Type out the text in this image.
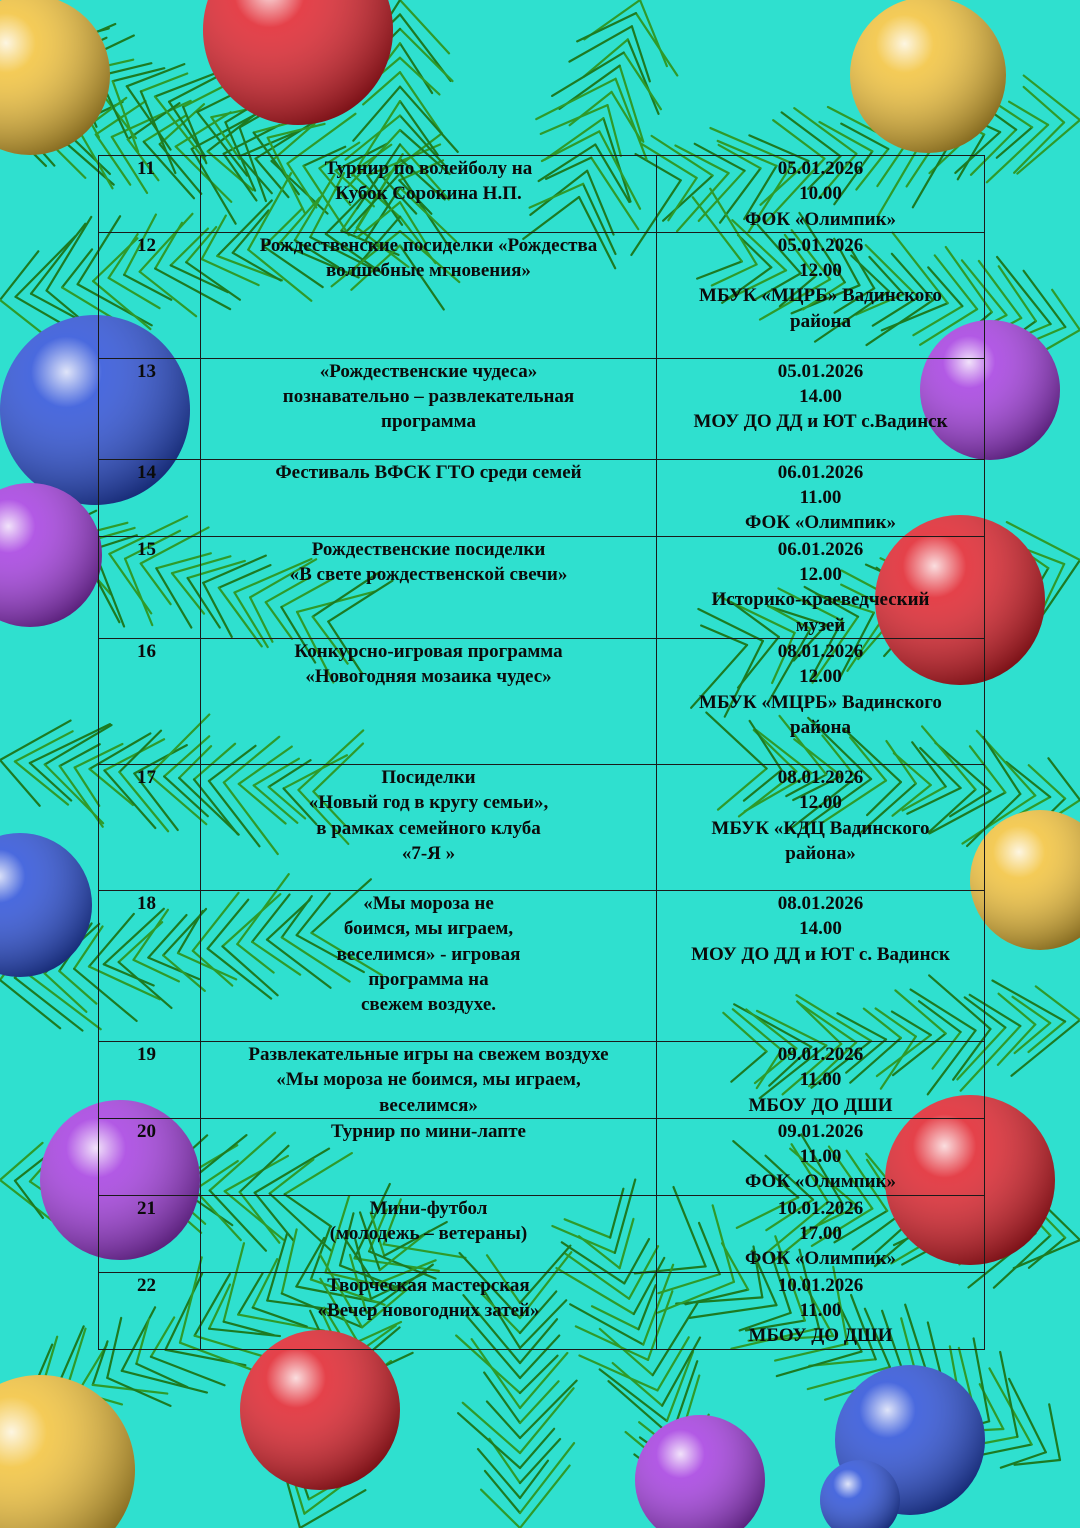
11	Турнир по волейболу на
Кубок Сорокина Н.П.	05.01.2026
10.00
ФОК «Олимпик»

12	Рождественские посиделки «Рождества
волшебные мгновения»	05.01.2026
12.00
МБУК «МЦРБ» Вадинского
района

13	«Рождественские чудеса»
познавательно – развлекательная
программа	05.01.2026
14.00
МОУ ДО ДД и ЮТ с.Вадинск

14	Фестиваль ВФСК ГТО среди семей	06.01.2026
11.00
ФОК «Олимпик»

15	Рождественские посиделки
«В свете рождественской свечи»	06.01.2026
12.00
Историко-краеведческий
музей

16	Конкурсно-игровая программа
«Новогодняя мозаика чудес»	08.01.2026
12.00
МБУК «МЦРБ» Вадинского
района

17	Посиделки
«Новый год в кругу семьи»,
в рамках семейного клуба
«7-Я »	08.01.2026
12.00
МБУК «КДЦ Вадинского
района»

18	«Мы мороза не
боимся, мы играем,
веселимся» - игровая
программа на
свежем воздухе.	08.01.2026
14.00
МОУ ДО ДД и ЮТ с. Вадинск

19	Развлекательные игры на свежем воздухе
«Мы мороза не боимся, мы играем,
веселимся»	09.01.2026
11.00
МБОУ ДО ДШИ

20	Турнир по мини-лапте	09.01.2026
11.00
ФОК «Олимпик»

21	Мини-футбол
(молодежь – ветераны)	10.01.2026
17.00
ФОК «Олимпик»

22	Творческая мастерская
«Вечер новогодних затей»	10.01.2026
11.00
МБОУ ДО ДШИ
